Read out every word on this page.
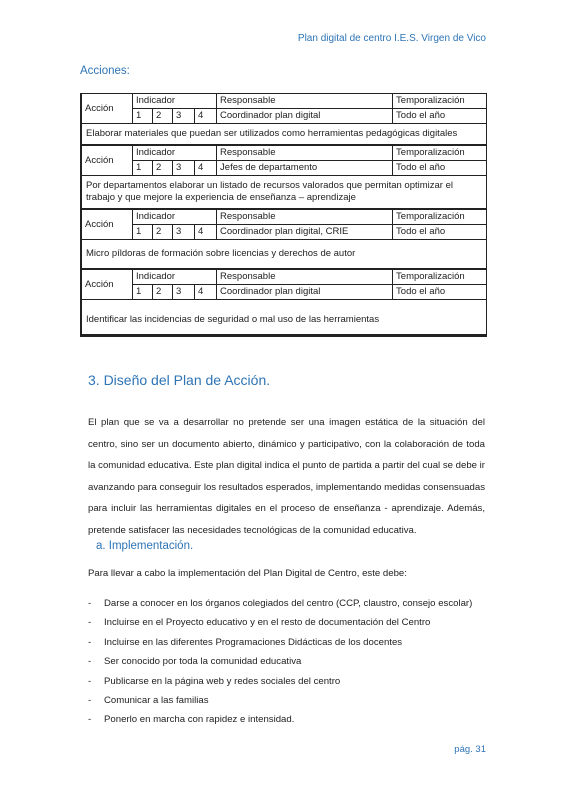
Plan digital de centro I.E.S. Virgen de Vico
Acciones:
Acción	Indicador				Responsable	Temporalización
	1	2	3	4	Coordinador plan digital	Todo el año
Elaborar materiales que puedan ser utilizados como herramientas pedagógicas digitales						
Acción	Indicador				Responsable	Temporalización
	1	2	3	4	Jefes de departamento	Todo el año
Por departamentos elaborar un listado de recursos valorados que permitan optimizar el trabajo y que mejore la experiencia de enseñanza – aprendizaje						
Acción	Indicador				Responsable	Temporalización
	1	2	3	4	Coordinador plan digital, CRIE	Todo el año
Micro píldoras de formación sobre licencias y derechos de autor						
Acción	Indicador				Responsable	Temporalización
	1	2	3	4	Coordinador plan digital	Todo el año
Identificar las incidencias de seguridad o mal uso de las herramientas						
3. Diseño del Plan de Acción.
El plan que se va a desarrollar no pretende ser una imagen estática de la situación del centro, sino ser un documento abierto, dinámico y participativo, con la colaboración de toda la comunidad educativa. Este plan digital indica el punto de partida a partir del cual se debe ir avanzando para conseguir los resultados esperados, implementando medidas consensuadas para incluir las herramientas digitales en el proceso de enseñanza - aprendizaje. Además, pretende satisfacer las necesidades tecnológicas de la comunidad educativa.
a. Implementación.
Para llevar a cabo la implementación del Plan Digital de Centro, este debe:
- Darse a conocer en los órganos colegiados del centro (CCP, claustro, consejo escolar)
- Incluirse en el Proyecto educativo y en el resto de documentación del Centro
- Incluirse en las diferentes Programaciones Didácticas de los docentes
- Ser conocido por toda la comunidad educativa
- Publicarse en la página web y redes sociales del centro
- Comunicar a las familias
- Ponerlo en marcha con rapidez e intensidad.
pág. 31
